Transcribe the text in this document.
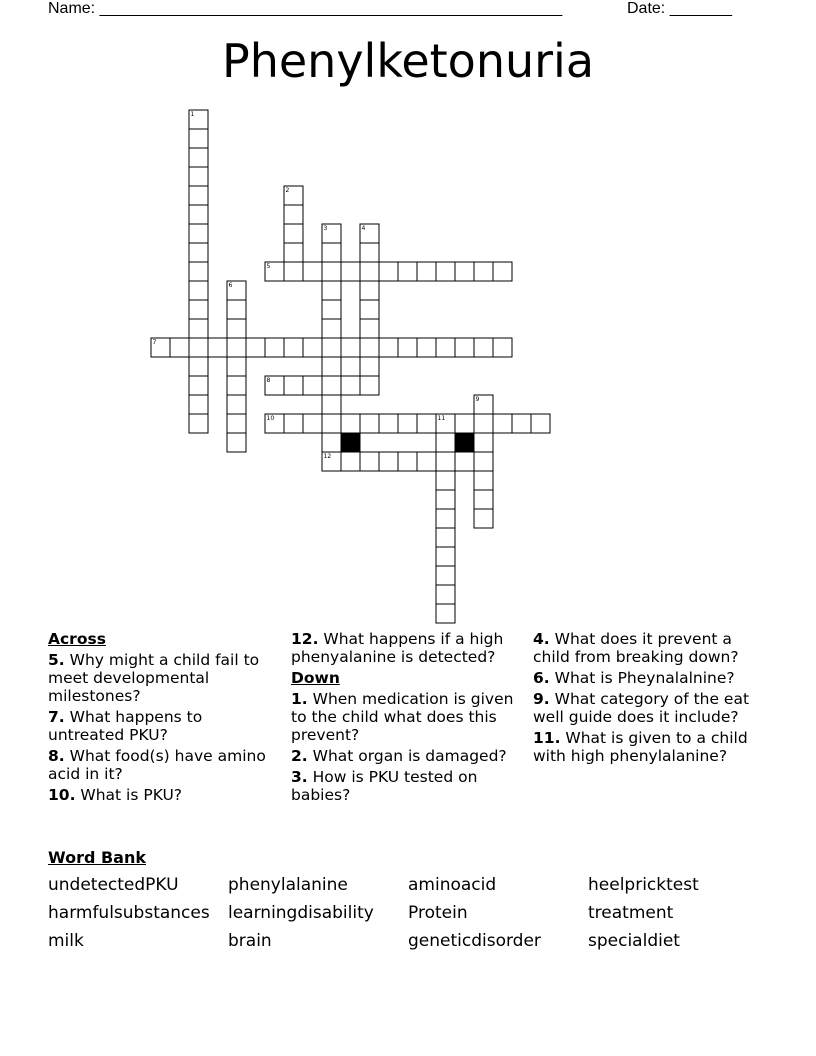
Name: ____________________________________________________	Date: _______
Phenylketonuria
1
2
3	4
5
6
7
8
9
10	11
12
Across
5. Why might a child fail to meet developmental milestones?
7. What happens to untreated PKU?
8. What food(s) have amino acid in it?
10. What is PKU?
12. What happens if a high phenyalanine is detected?
Down
1. When medication is given to the child what does this prevent?
2. What organ is damaged?
3. How is PKU tested on babies?
4. What does it prevent a child from breaking down?
6. What is Pheynalalnine?
9. What category of the eat well guide does it include?
11. What is given to a child with high phenylalanine?
Word Bank
undetectedPKU	phenylalanine	aminoacid	heelpricktest
harmfulsubstances learningdisability Protein	treatment
milk	brain	geneticdisorder	specialdiet
